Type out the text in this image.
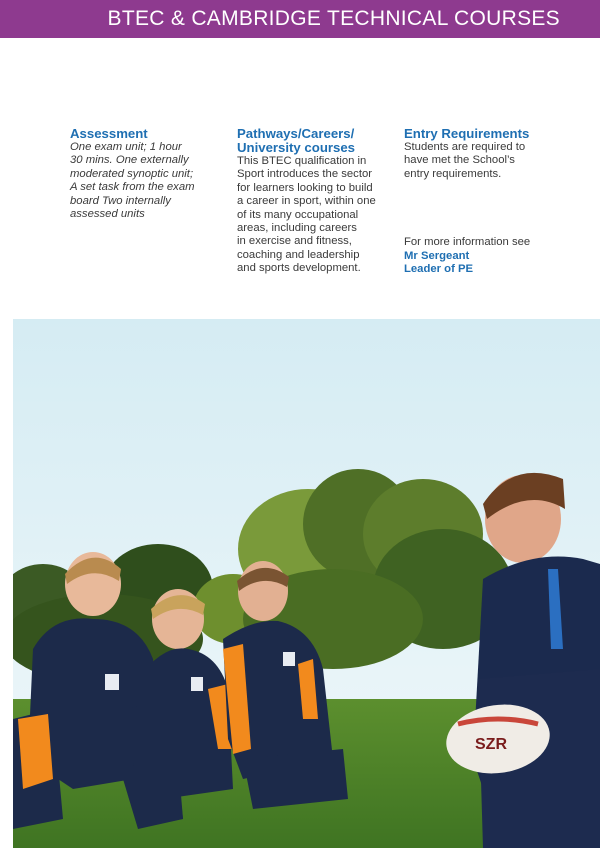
BTEC & CAMBRIDGE TECHNICAL COURSES
Assessment
One exam unit; 1 hour
30 mins. One externally
moderated synoptic unit;
A set task from the exam
board Two internally
assessed units
Pathways/Careers/
University courses
This BTEC qualification in
Sport introduces the sector
for learners looking to build
a career in sport, within one
of its many occupational
areas, including careers
in exercise and fitness,
coaching and leadership
and sports development.
Entry Requirements
Students are required to
have met the School’s
entry requirements.
For more information see
Mr Sergeant
Leader of PE
SZR
